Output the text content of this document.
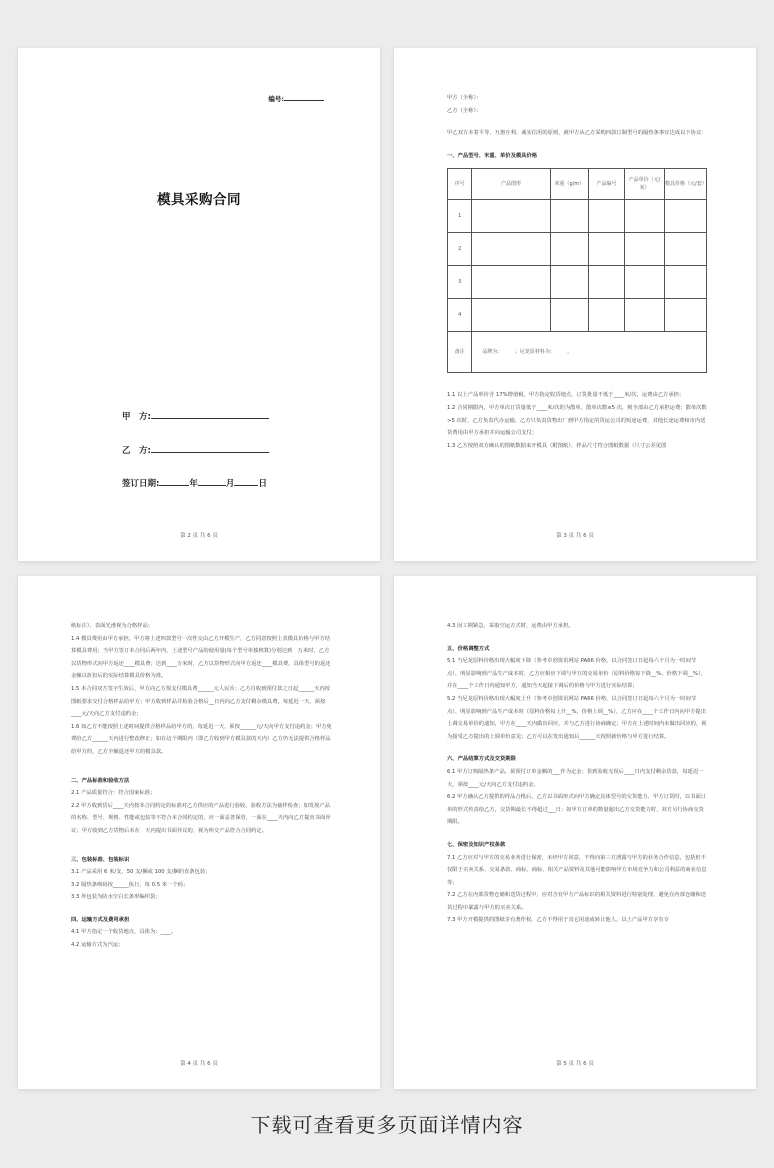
编号:
模具采购合同
甲　方:
乙　方:
签订日期:	年	月	日
第 2 页 共 6 页

甲方（全称）：

乙方（全称）：

甲乙双方本着平等、互惠互利、诚实信用的原则，就甲方从乙方采购四款订制型号的隔热条事宜达成以下协议：

一、产品型号、米重、单价及模具价格

序号	产品图形	米重（g/m）	产品编号	产品单价（元/米）	模具价格（元/套）
1					
2					
3					
4					
备注	品牌为：　　　；尼龙原材料为：　　　。				

1.1 以上产品单价含 17%增值税，甲方指定收货地点，订货批量不低于____米/次，运费由乙方承担；

1.2 合同期限内，甲方单次订货量低于____米/次的为散单，散单次数≤5 次，则全部由乙方承担运费；散单次数>5 次时，乙方负责代办运输，乙方只负责货物出厂到甲方指定的货运公司的短途运费，其他长途运费和市内送货费用由甲方承担并向运输公司支付；

1.3 乙方按照双方确认的图纸数据来开模具（附图纸），样品尺寸符合图纸数据（尺寸公差见图

第 3 页 共 6 页

纸标注）、表面光滑视为合格样品；

1.4 模具费用由甲方承担，甲方将上述四款型号一次性交由乙方开模生产，乙方同意按照上表模具价格与甲方结算模具费用；当甲方签订本合同后两年内，上述型号产品的使用量(每个型号单独核算)分别达到　万米时，乙方以货物形式向甲方返还____模具费；达到____万米时，乙方以货物形式向甲方返还____模具费，具体型号的返还金额以折扣后的实际结算模具价格为准。

1.5 本合同双方签字生效后，甲方向乙方预支付模具费______元人民币；乙方自收到预付款之日起______天内按图纸要求交付合格样品给甲方；甲方收到样品并检验合格后__日内向乙方支付剩余模具费，每延迟一天，须按____元/天向乙方支付违约金；

1.6 如乙方不能按照上述时间提供合格样品给甲方的，每延迟一天，须按______元/天向甲方支付违约金；甲方免费给乙方______天内进行整改修正；如在这个期限内（即乙方收到甲方模具款的天内）乙方仍无法提供合格样品给甲方的，乙方全额退还甲方的模具款。

二、产品标准和验收方法

2.1 产品质量符合：符合国家标准；

2.2 甲方收到货后____天内按本合同约定的标准对乙方供应的产品进行验收，验收方法为抽样检查；如发现产品的名称、型号、规格、性能或包装等不符合本合同约定的，应一面妥善保管，一面在____天内向乙方提出书面异议；甲方收到乙方货物后未在　天内提出书面异议的，视为所交产品符合合同约定。

三、包装标准、包装标识

3.1 产品采用 6 米/支、50 支/捆或 100 支/捆的直条包装；

3.2 隔热条喷码按______执行，每 0.5 米一个码；

3.3 外包装为防水空白长条形编织袋；

四、运输方式及费用承担

4.1 甲方指定一个收货地点，具体为：____。

4.2 运输方式为汽运；

第 4 页 共 6 页

4.3 因工期紧急，采取空运方式时，运费由甲方承担。

五、价格调整方式

5.1 当尼龙原料价格出现大幅度下降（参考卓创资讯网站 PA66 价格，以合同签订日起每六个月为一时间节点），明显影响到产品生产成本时，乙方应相应下调与甲方的交易单价（原料价格每下降__%，价格下调__%），并在____个工作日内通知甲方，通知当天起接下调后的价格与甲方进行实际结算；

5.2 当尼龙原料价格出现大幅度上升（参考卓创资讯网站 PA66 价格，以合同签订日起每六个月为一时间节点），明显影响到产品生产成本时（原料价格每上升__%，价格上调__%），乙方应在____个工作日内向甲方提出上调交易单价的通知，甲方在____天内做出回应，并与乙方进行协商确定；甲方在上述时间内未做出回应的，视为接受乙方提出的上调单价意见；乙方可以在发出通知后______天按照新价格与甲方进行结算。

六、产品结算方式及交货期限

6.1 甲方订购隔热条产品，须预付订单金额的___作为定金；货到验收无误后____日内支付剩余货款，每延迟一天，须按____元/天向乙方支付违约金。

6.2 甲方确认乙方提供的样品合格后，乙方以书面形式向甲方确定具体型号的交货能力，甲方订货时，以书面订单的形式传真给乙方，交货期最长不得超过___日；如甲方订单的数量超出乙方交货能力时，双方另行协商交货期限。

七、保密及知识产权条款

7.1 乙方应对与甲方的交易业务进行保密，未经甲方同意，不得向第三方泄露与甲方的业务合作信息，包括但不仅限于买卖关系、交易条款、商标、商标、相关产品资料及其他可能影响甲方市场竞争力和公司利益的商业信息等；

7.2 乙方在内部货物仓储和送货过程中，应对含有甲方产品标识的相关资料进行特别处理，避免在内部仓储和送货过程中暴露与甲方的买卖关系。

7.3 甲方开模提供的图纸享有著作权，乙方不得用于其它用途或转让他人，以上产品甲方享有专

第 5 页 共 6 页
下载可查看更多页面详情内容
